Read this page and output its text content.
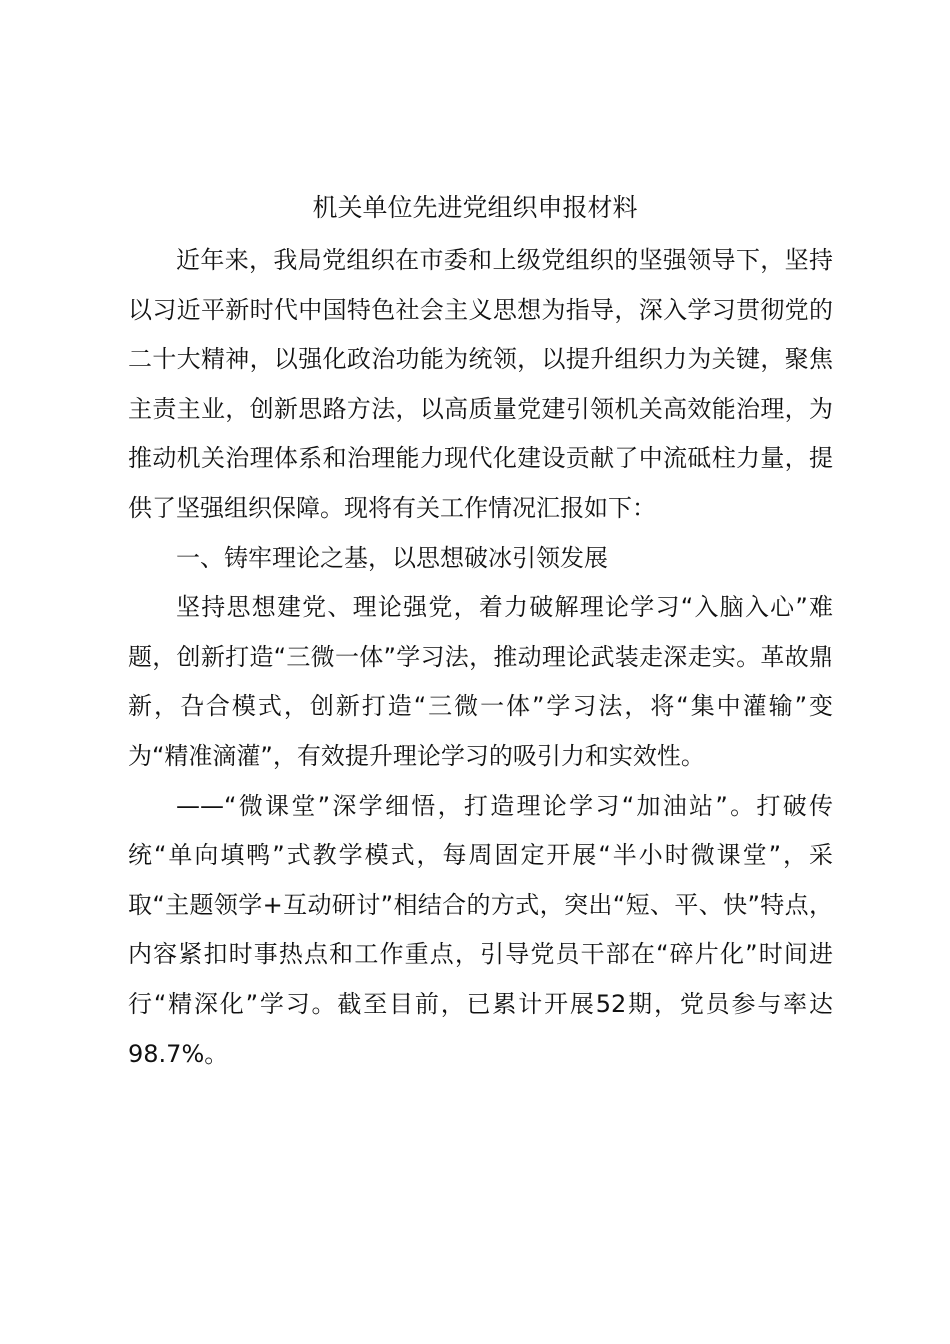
机关单位先进党组织申报材料

近年来，我局党组织在市委和上级党组织的坚强领导下，坚持以习近平新时代中国特色社会主义思想为指导，深入学习贯彻党的二十大精神，以强化政治功能为统领，以提升组织力为关键，聚焦主责主业，创新思路方法，以高质量党建引领机关高效能治理，为推动机关治理体系和治理能力现代化建设贡献了中流砥柱力量，提供了坚强组织保障。现将有关工作情况汇报如下：

一、铸牢理论之基，以思想破冰引领发展

坚持思想建党、理论强党，着力破解理论学习“入脑入心”难题，创新打造“三微一体”学习法，推动理论武装走深走实。革故鼎新，叴合模式，创新打造“三微一体”学习法，将“集中灌输”变为“精准滴灌”，有效提升理论学习的吸引力和实效性。

——“微课堂”深学细悟，打造理论学习“加油站”。打破传统“单向填鸭”式教学模式，每周固定开展“半小时微课堂”，采取“主题领学+互动研讨”相结合的方式，突出“短、平、快”特点，内容紧扣时事热点和工作重点，引导党员干部在“碎片化”时间进行“精深化”学习。截至目前，已累计开展52期，党员参与率达98.7%。
